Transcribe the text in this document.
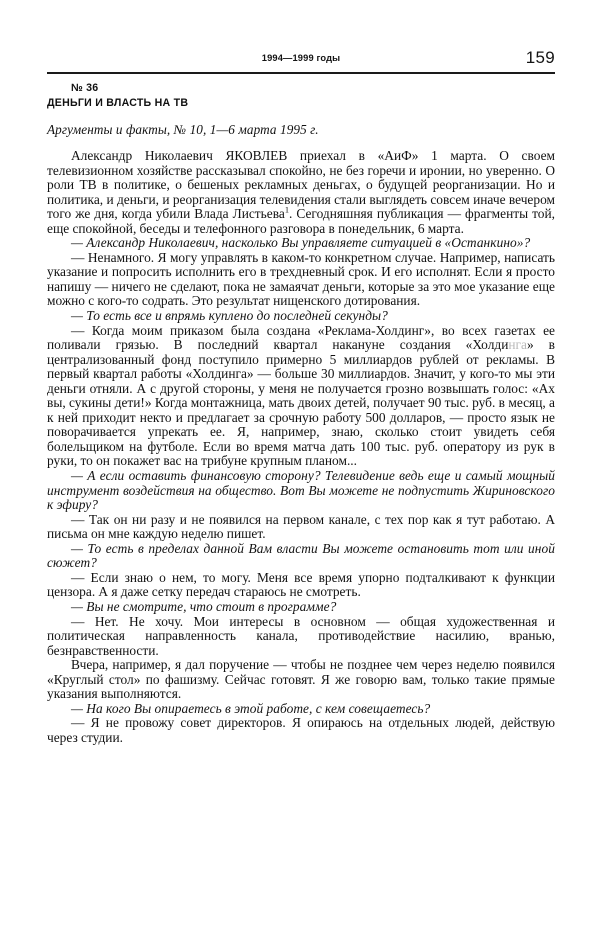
1994—1999 годы	159
№ 36
ДЕНЬГИ И ВЛАСТЬ НА ТВ
Аргументы и факты, № 10, 1—6 марта 1995 г.

Александр Николаевич ЯКОВЛЕВ приехал в «АиФ» 1 марта. О своем телевизионном хозяйстве рассказывал спокойно, не без горечи и иронии, но уверенно. О роли ТВ в политике, о бешеных рекламных деньгах, о будущей реорганизации. Но и политика, и деньги, и реорганизация телевидения стали выглядеть совсем иначе вечером того же дня, когда убили Влада Листьева$^1$. Сегодняшняя публикация — фрагменты той, еще спокойной, беседы и телефонного разговора в понедельник, 6 марта.

— Александр Николаевич, насколько Вы управляете ситуацией в «Останкино»?

— Ненамного. Я могу управлять в каком-то конкретном случае. Например, написать указание и попросить исполнить его в трехдневный срок. И его исполнят. Если я просто напишу — ничего не сделают, пока не замаячат деньги, которые за это мое указание еще можно с кого-то содрать. Это результат нищенского дотирования.

— То есть все и впрямь куплено до последней секунды?

— Когда моим приказом была создана «Реклама-Холдинг», во всех газетах ее поливали грязью. В последний квартал накануне создания «Холдинга» в централизованный фонд поступило примерно 5 миллиардов рублей от рекламы. В первый квартал работы «Холдинга» — больше 30 миллиардов. Значит, у кого-то мы эти деньги отняли. А с другой стороны, у меня не получается грозно возвышать голос: «Ах вы, сукины дети!» Когда монтажница, мать двоих детей, получает 90 тыс. руб. в месяц, а к ней приходит некто и предлагает за срочную работу 500 долларов, — просто язык не поворачивается упрекать ее. Я, например, знаю, сколько стоит увидеть себя болельщиком на футболе. Если во время матча дать 100 тыс. руб. оператору из рук в руки, то он покажет вас на трибуне крупным планом...

— А если оставить финансовую сторону? Телевидение ведь еще и самый мощный инструмент воздействия на общество. Вот Вы можете не подпустить Жириновского к эфиру?

— Так он ни разу и не появился на первом канале, с тех пор как я тут работаю. А письма он мне каждую неделю пишет.

— То есть в пределах данной Вам власти Вы можете остановить тот или иной сюжет?

— Если знаю о нем, то могу. Меня все время упорно подталкивают к функции цензора. А я даже сетку передач стараюсь не смотреть.

— Вы не смотрите, что стоит в программе?

— Нет. Не хочу. Мои интересы в основном — общая художественная и политическая направленность канала, противодействие насилию, вранью, безнравственности.

Вчера, например, я дал поручение — чтобы не позднее чем через неделю появился «Круглый стол» по фашизму. Сейчас готовят. Я же говорю вам, только такие прямые указания выполняются.

— На кого Вы опираетесь в этой работе, с кем совещаетесь?

— Я не провожу совет директоров. Я опираюсь на отдельных людей, действую через студии.
